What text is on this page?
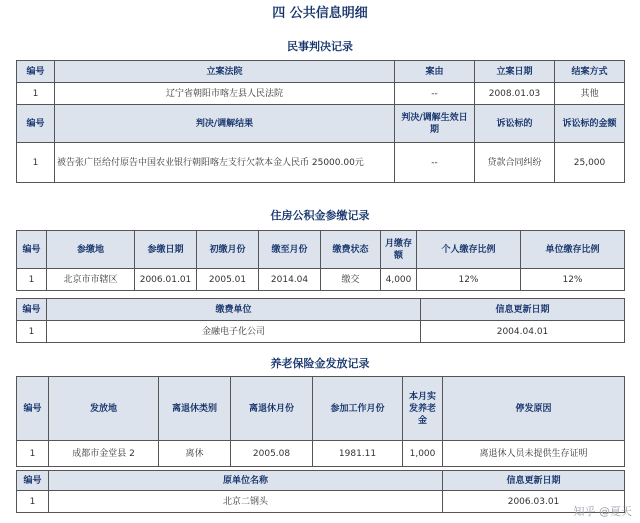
四 公共信息明细
民事判决记录
编号	立案法院	案由	立案日期	结案方式
1	辽宁省朝阳市喀左县人民法院	--	2008.01.03	其他
编号	判决/调解结果	判决/调解生效日期	诉讼标的	诉讼标的金额
1	被告张广臣给付原告中国农业银行朝阳喀左支行欠款本金人民币 25000.00元	--	贷款合同纠纷	25,000
住房公积金参缴记录
编号	参缴地	参缴日期	初缴月份	缴至月份	缴费状态	月缴存额	个人缴存比例	单位缴存比例
1	北京市市辖区	2006.01.01	2005.01	2014.04	缴交	4,000	12%	12%
编号	缴费单位	信息更新日期
1	金融电子化公司	2004.04.01
养老保险金发放记录
编号	发放地	离退休类别	离退休月份	参加工作月份	本月实发养老金	停发原因
1	成都市金堂县 2	离休	2005.08	1981.11	1,000	离退休人员未提供生存证明
编号	原单位名称	信息更新日期
1	北京二钢头	2006.03.01
知乎 @夏天
